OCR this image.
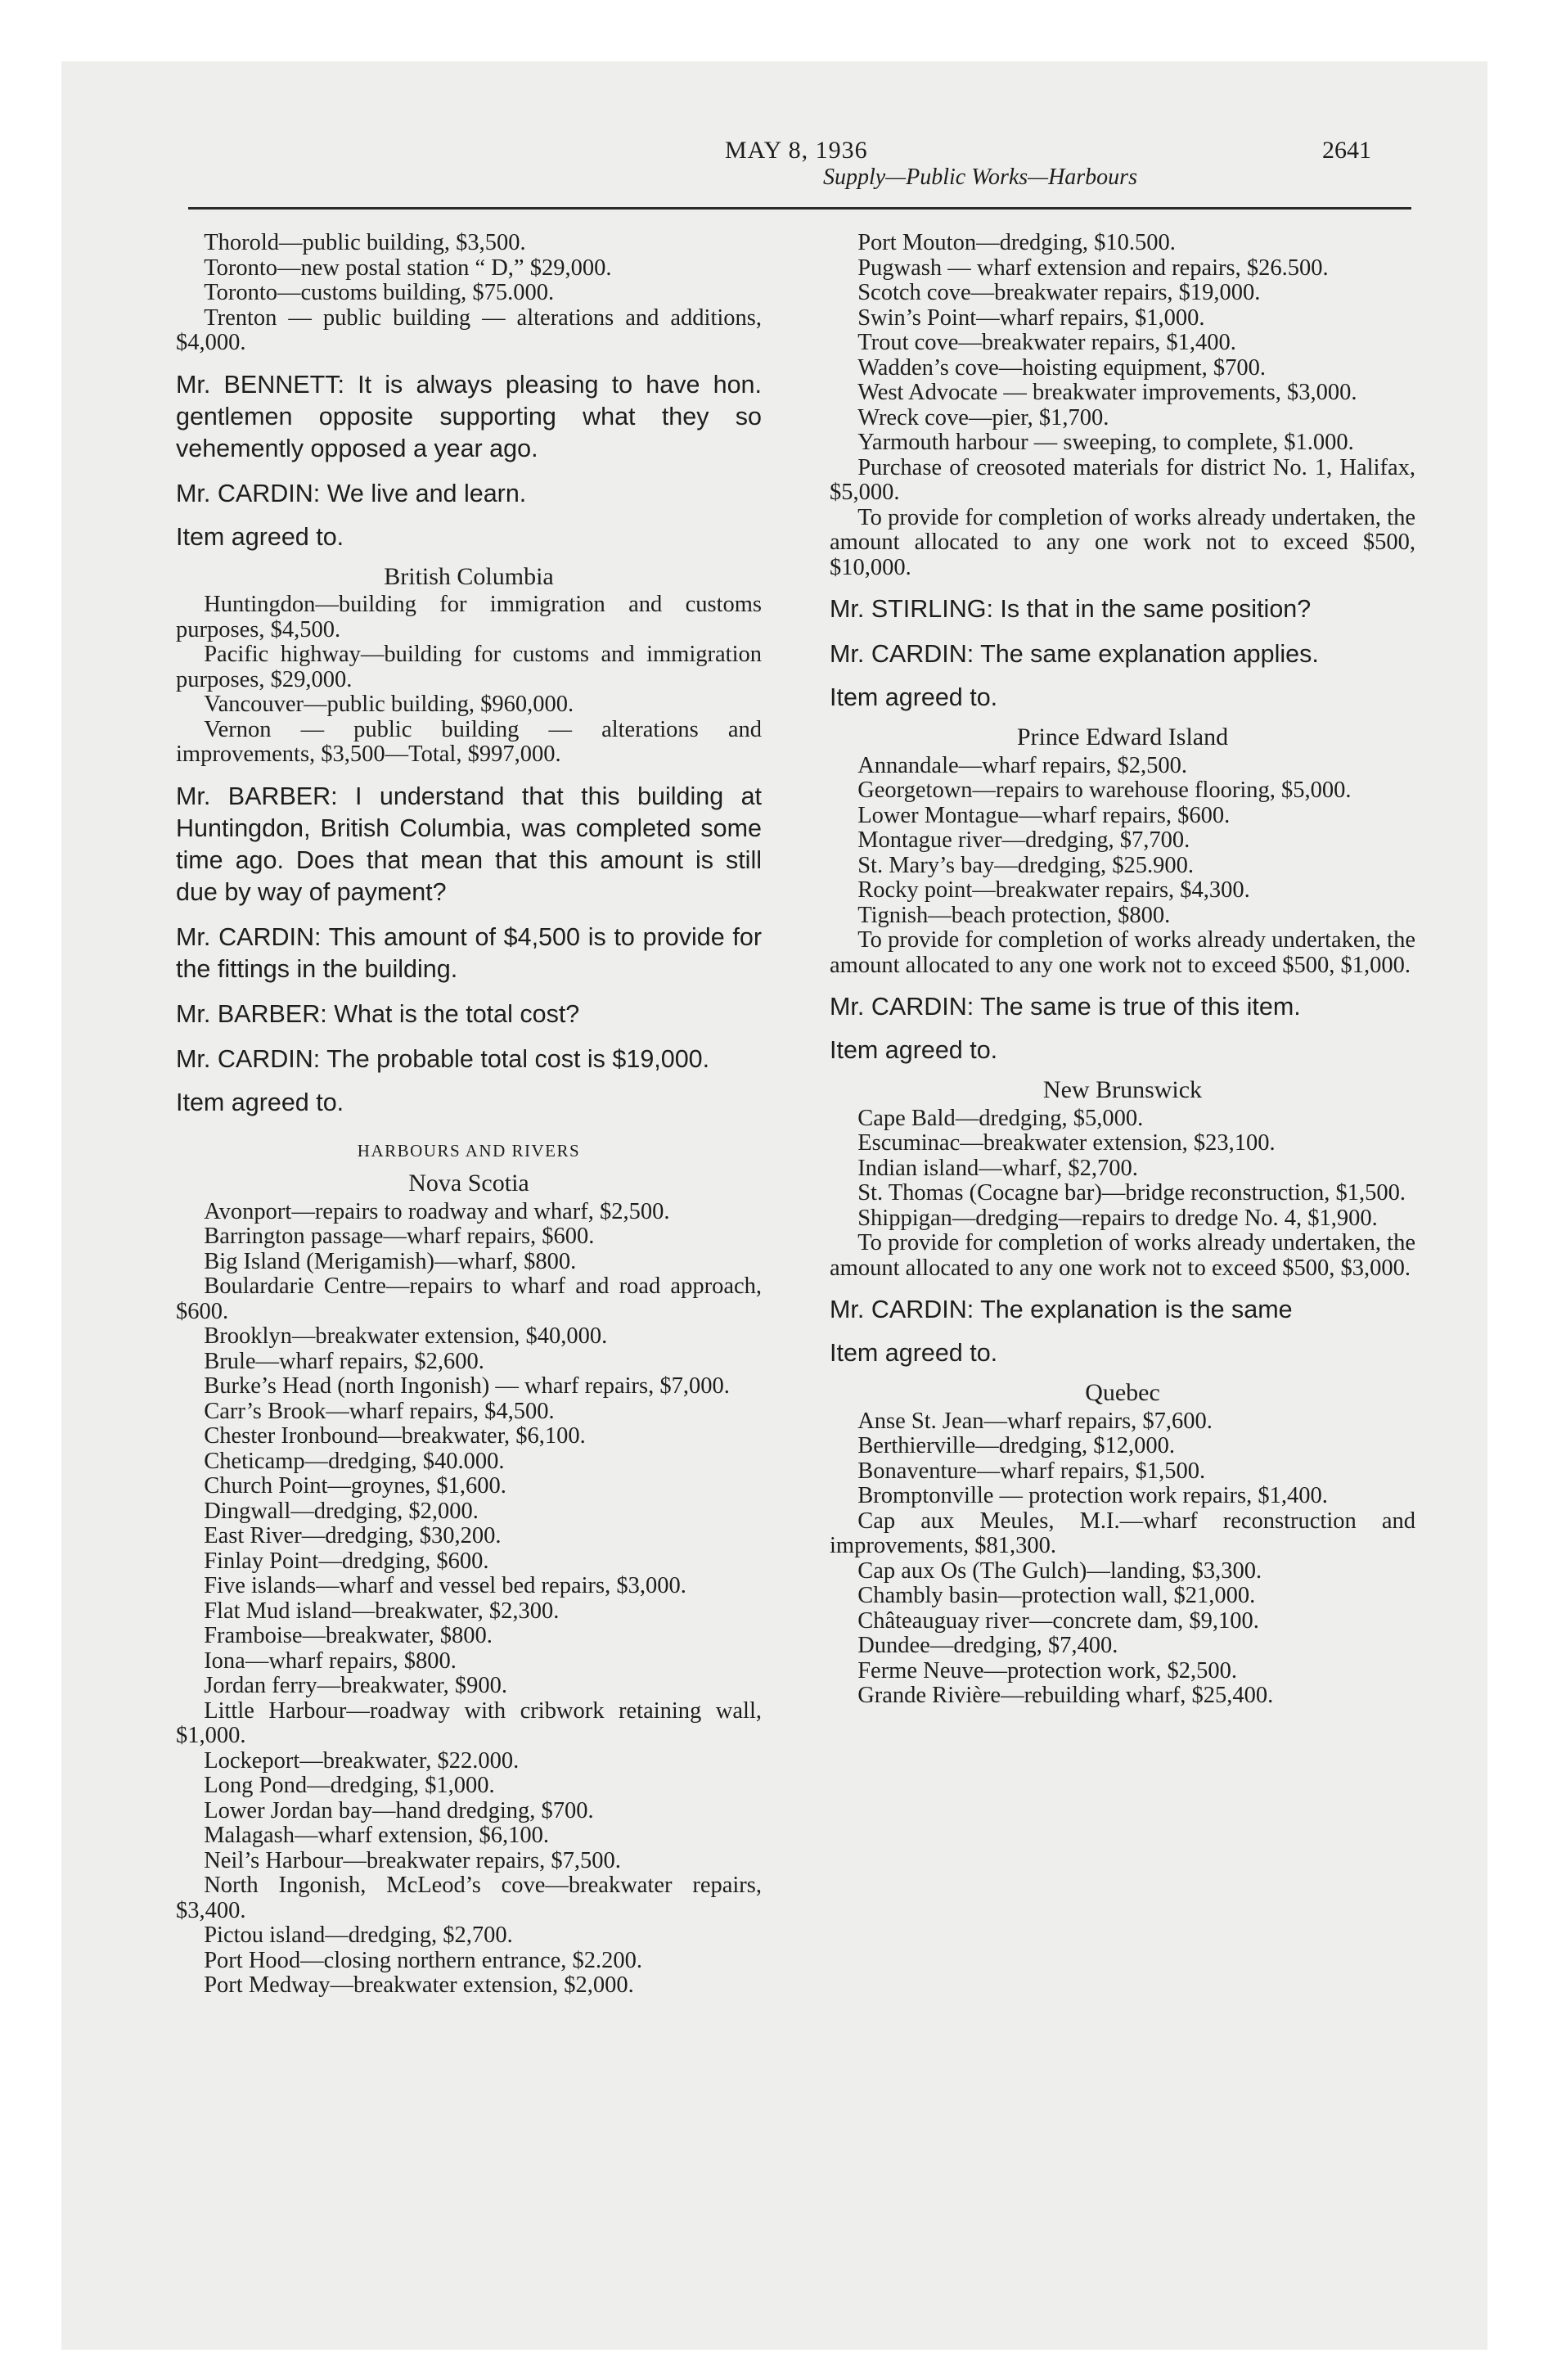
MAY 8, 1936	2641
Supply—Public Works—Harbours

Thorold—public building, $3,500.

Toronto—new postal station “ D,” $29,000.

Toronto—customs building, $75.000.

Trenton — public building — alterations and additions, $4,000.

Mr. BENNETT: It is always pleasing to have hon. gentlemen opposite supporting what they so vehemently opposed a year ago.

Mr. CARDIN: We live and learn.

Item agreed to.

British Columbia

Huntingdon—building for immigration and customs purposes, $4,500.

Pacific highway—building for customs and immigration purposes, $29,000.

Vancouver—public building, $960,000.

Vernon — public building — alterations and improvements, $3,500—Total, $997,000.

Mr. BARBER: I understand that this building at Huntingdon, British Columbia, was completed some time ago. Does that mean that this amount is still due by way of payment?

Mr. CARDIN: This amount of $4,500 is to provide for the fittings in the building.

Mr. BARBER: What is the total cost?

Mr. CARDIN: The probable total cost is $19,000.

Item agreed to.

HARBOURS AND RIVERS

Nova Scotia

Avonport—repairs to roadway and wharf, $2,500.

Barrington passage—wharf repairs, $600.

Big Island (Merigamish)—wharf, $800.

Boulardarie Centre—repairs to wharf and road approach, $600.

Brooklyn—breakwater extension, $40,000.

Brule—wharf repairs, $2,600.

Burke’s Head (north Ingonish) — wharf repairs, $7,000.

Carr’s Brook—wharf repairs, $4,500.

Chester Ironbound—breakwater, $6,100.

Cheticamp—dredging, $40.000.

Church Point—groynes, $1,600.

Dingwall—dredging, $2,000.

East River—dredging, $30,200.

Finlay Point—dredging, $600.

Five islands—wharf and vessel bed repairs, $3,000.

Flat Mud island—breakwater, $2,300.

Framboise—breakwater, $800.

Iona—wharf repairs, $800.

Jordan ferry—breakwater, $900.

Little Harbour—roadway with cribwork retaining wall, $1,000.

Lockeport—breakwater, $22.000.

Long Pond—dredging, $1,000.

Lower Jordan bay—hand dredging, $700.

Malagash—wharf extension, $6,100.

Neil’s Harbour—breakwater repairs, $7,500.

North Ingonish, McLeod’s cove—breakwater repairs, $3,400.

Pictou island—dredging, $2,700.

Port Hood—closing northern entrance, $2.200.

Port Medway—breakwater extension, $2,000.

Port Mouton—dredging, $10.500.

Pugwash — wharf extension and repairs, $26.500.

Scotch cove—breakwater repairs, $19,000.

Swin’s Point—wharf repairs, $1,000.

Trout cove—breakwater repairs, $1,400.

Wadden’s cove—hoisting equipment, $700.

West Advocate — breakwater improvements, $3,000.

Wreck cove—pier, $1,700.

Yarmouth harbour — sweeping, to complete, $1.000.

Purchase of creosoted materials for district No. 1, Halifax, $5,000.

To provide for completion of works already undertaken, the amount allocated to any one work not to exceed $500, $10,000.

Mr. STIRLING: Is that in the same position?

Mr. CARDIN: The same explanation applies.

Item agreed to.

Prince Edward Island

Annandale—wharf repairs, $2,500.

Georgetown—repairs to warehouse flooring, $5,000.

Lower Montague—wharf repairs, $600.

Montague river—dredging, $7,700.

St. Mary’s bay—dredging, $25.900.

Rocky point—breakwater repairs, $4,300.

Tignish—beach protection, $800.

To provide for completion of works already undertaken, the amount allocated to any one work not to exceed $500, $1,000.

Mr. CARDIN: The same is true of this item.

Item agreed to.

New Brunswick

Cape Bald—dredging, $5,000.

Escuminac—breakwater extension, $23,100.

Indian island—wharf, $2,700.

St. Thomas (Cocagne bar)—bridge reconstruction, $1,500.

Shippigan—dredging—repairs to dredge No. 4, $1,900.

To provide for completion of works already undertaken, the amount allocated to any one work not to exceed $500, $3,000.

Mr. CARDIN: The explanation is the same

Item agreed to.

Quebec

Anse St. Jean—wharf repairs, $7,600.

Berthierville—dredging, $12,000.

Bonaventure—wharf repairs, $1,500.

Bromptonville — protection work repairs, $1,400.

Cap aux Meules, M.I.—wharf reconstruction and improvements, $81,300.

Cap aux Os (The Gulch)—landing, $3,300.

Chambly basin—protection wall, $21,000.

Châteauguay river—concrete dam, $9,100.

Dundee—dredging, $7,400.

Ferme Neuve—protection work, $2,500.

Grande Rivière—rebuilding wharf, $25,400.
